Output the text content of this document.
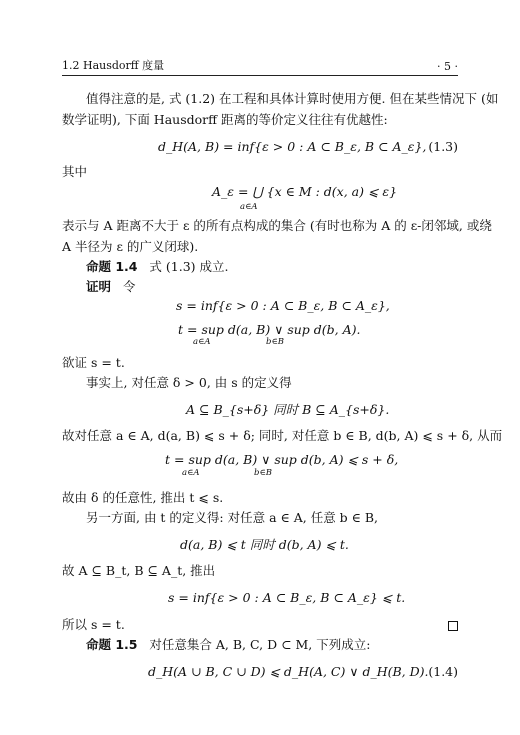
1.2 Hausdorff 度量	· 5 ·
值得注意的是, 式 (1.2) 在工程和具体计算时使用方便. 但在某些情况下 (如
数学证明), 下面 Hausdorff 距离的等价定义往往有优越性:
d_H(A, B) = inf{ε > 0 : A ⊂ B_ε, B ⊂ A_ε}, (1.3)
其中
A_ε = ⋃ {x ∈ M : d(x, a) ⩽ ε}
a∈A
表示与 A 距离不大于 ε 的所有点构成的集合 (有时也称为 A 的 ε-闭邻域, 或绕
A 半径为 ε 的广义闭球).
命题 1.4 式 (1.3) 成立.
证明 令
s = inf{ε > 0 : A ⊂ B_ε, B ⊂ A_ε},
t = sup d(a, B) ∨ sup d(b, A).
a∈A	b∈B
欲证 s = t.
事实上, 对任意 δ > 0, 由 s 的定义得
A ⊆ B_{s+δ} 同时 B ⊆ A_{s+δ}.
故对任意 a ∈ A, d(a, B) ⩽ s + δ; 同时, 对任意 b ∈ B, d(b, A) ⩽ s + δ, 从而
t = sup d(a, B) ∨ sup d(b, A) ⩽ s + δ,
a∈A	b∈B
故由 δ 的任意性, 推出 t ⩽ s.
另一方面, 由 t 的定义得: 对任意 a ∈ A, 任意 b ∈ B,
d(a, B) ⩽ t 同时 d(b, A) ⩽ t.
故 A ⊆ B_t, B ⊆ A_t, 推出
s = inf{ε > 0 : A ⊂ B_ε, B ⊂ A_ε} ⩽ t.
所以 s = t.
命题 1.5 对任意集合 A, B, C, D ⊂ M, 下列成立:
d_H(A ∪ B, C ∪ D) ⩽ d_H(A, C) ∨ d_H(B, D). (1.4)
